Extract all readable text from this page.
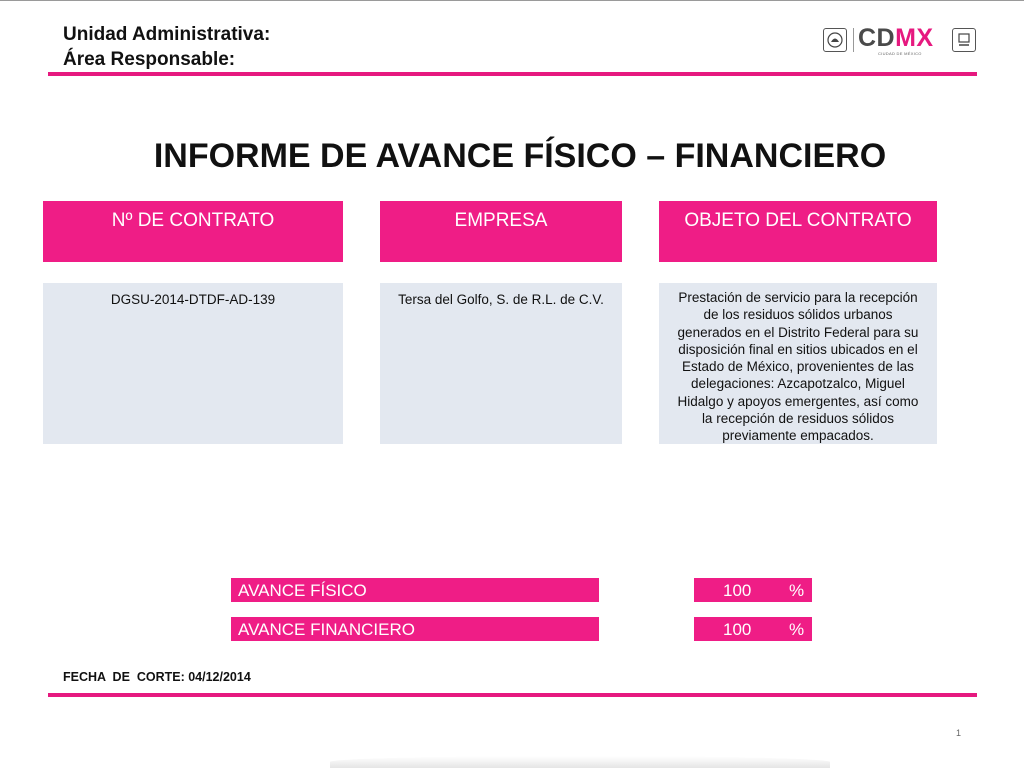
Unidad Administrativa:
Área Responsable:
CDMX
CIUDAD DE MÉXICO
INFORME DE AVANCE FÍSICO – FINANCIERO
Nº DE CONTRATO	EMPRESA	OBJETO DEL CONTRATO
DGSU-2014-DTDF-AD-139	Tersa del Golfo, S. de R.L. de C.V.	Prestación de servicio para la recepción de los residuos sólidos urbanos generados en el Distrito Federal para su disposición final en sitios ubicados en el Estado de México, provenientes de las delegaciones: Azcapotzalco, Miguel Hidalgo y apoyos emergentes, así como la recepción de residuos sólidos previamente empacados.
AVANCE FÍSICO	100 %
AVANCE FINANCIERO	100 %
FECHA  DE  CORTE: 04/12/2014
1
